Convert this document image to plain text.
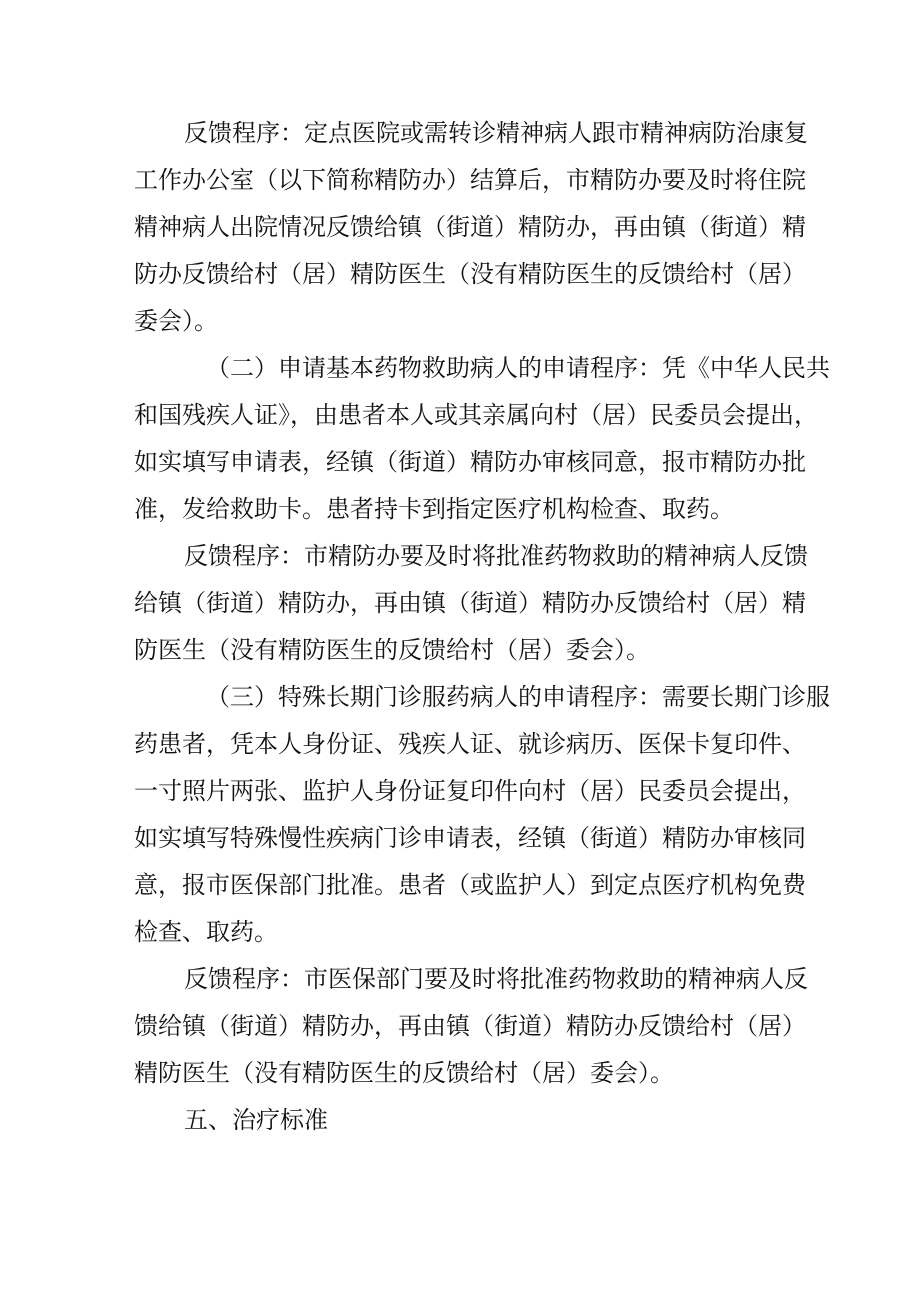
反馈程序：定点医院或需转诊精神病人跟市精神病防治康复
工作办公室（以下简称精防办）结算后，市精防办要及时将住院
精神病人出院情况反馈给镇（街道）精防办，再由镇（街道）精
防办反馈给村（居）精防医生（没有精防医生的反馈给村（居）
委会）。
（二）申请基本药物救助病人的申请程序：凭《中华人民共
和国残疾人证》，由患者本人或其亲属向村（居）民委员会提出，
如实填写申请表，经镇（街道）精防办审核同意，报市精防办批
准，发给救助卡。患者持卡到指定医疗机构检查、取药。
反馈程序：市精防办要及时将批准药物救助的精神病人反馈
给镇（街道）精防办，再由镇（街道）精防办反馈给村（居）精
防医生（没有精防医生的反馈给村（居）委会）。
（三）特殊长期门诊服药病人的申请程序：需要长期门诊服
药患者，凭本人身份证、残疾人证、就诊病历、医保卡复印件、
一寸照片两张、监护人身份证复印件向村（居）民委员会提出，
如实填写特殊慢性疾病门诊申请表，经镇（街道）精防办审核同
意，报市医保部门批准。患者（或监护人）到定点医疗机构免费
检查、取药。
反馈程序：市医保部门要及时将批准药物救助的精神病人反
馈给镇（街道）精防办，再由镇（街道）精防办反馈给村（居）
精防医生（没有精防医生的反馈给村（居）委会）。
五、治疗标准
